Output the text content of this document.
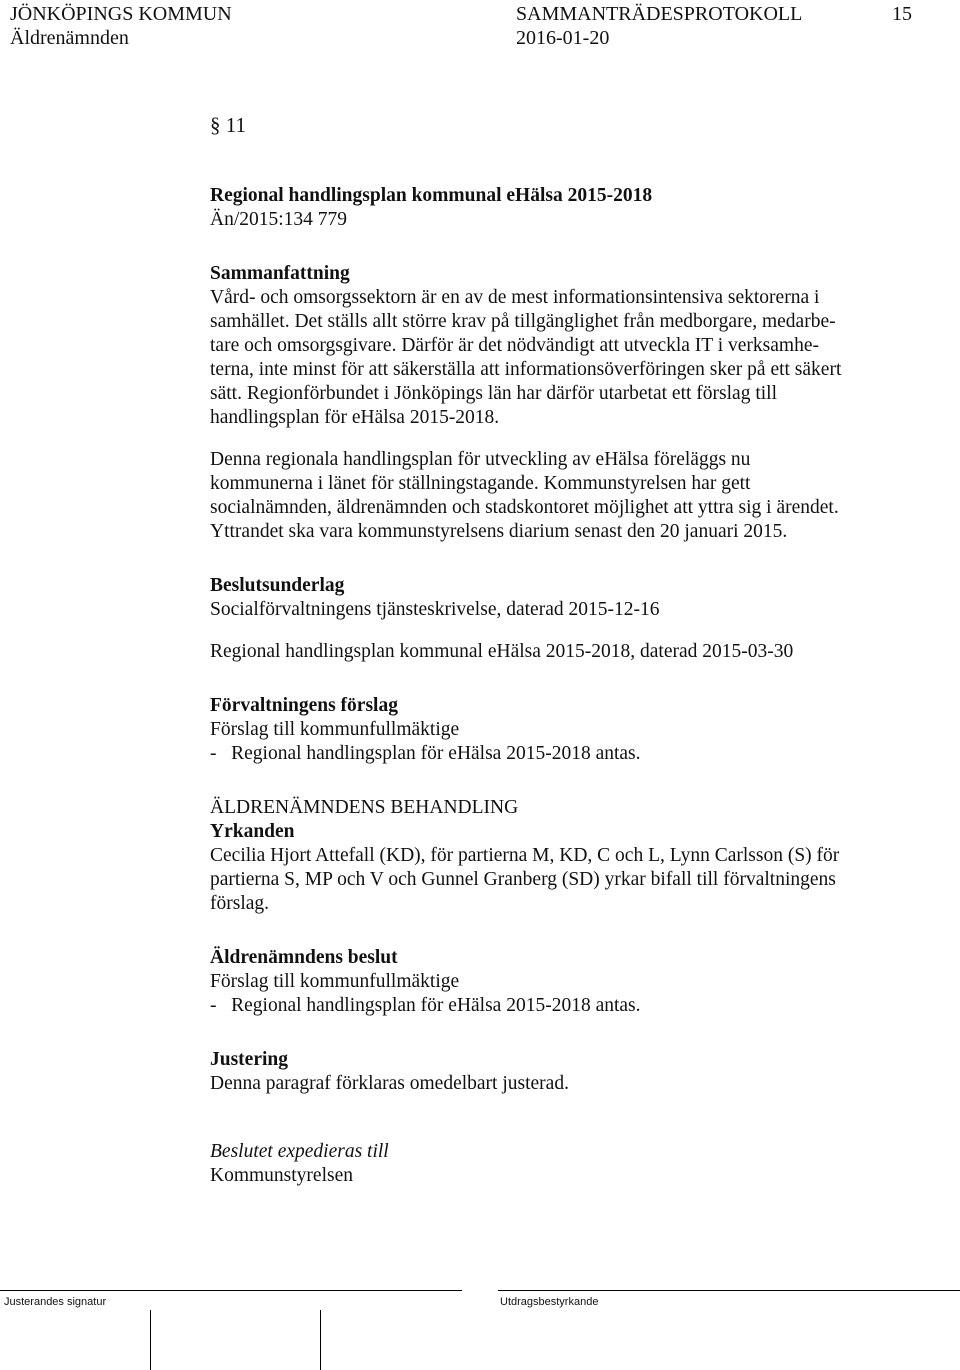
JÖNKÖPINGS KOMMUN
Äldrenämnden
SAMMANTRÄDESPROTOKOLL
2016-01-20
15
§ 11

Regional handlingsplan kommunal eHälsa 2015-2018

Än/2015:134 779

Sammanfattning

Vård- och omsorgssektorn är en av de mest informationsintensiva sektorerna i

samhället. Det ställs allt större krav på tillgänglighet från medborgare, medarbe-

tare och omsorgsgivare. Därför är det nödvändigt att utveckla IT i verksamhe-

terna, inte minst för att säkerställa att informationsöverföringen sker på ett säkert

sätt. Regionförbundet i Jönköpings län har därför utarbetat ett förslag till

handlingsplan för eHälsa 2015-2018.

Denna regionala handlingsplan för utveckling av eHälsa föreläggs nu

kommunerna i länet för ställningstagande. Kommunstyrelsen har gett

socialnämnden, äldrenämnden och stadskontoret möjlighet att yttra sig i ärendet.

Yttrandet ska vara kommunstyrelsens diarium senast den 20 januari 2015.

Beslutsunderlag

Socialförvaltningens tjänsteskrivelse, daterad 2015-12-16

Regional handlingsplan kommunal eHälsa 2015-2018, daterad 2015-03-30

Förvaltningens förslag

Förslag till kommunfullmäktige

-   Regional handlingsplan för eHälsa 2015-2018 antas.

ÄLDRENÄMNDENS BEHANDLING

Yrkanden

Cecilia Hjort Attefall (KD), för partierna M, KD, C och L, Lynn Carlsson (S) för

partierna S, MP och V och Gunnel Granberg (SD) yrkar bifall till förvaltningens

förslag.

Äldrenämndens beslut

Förslag till kommunfullmäktige

-   Regional handlingsplan för eHälsa 2015-2018 antas.

Justering

Denna paragraf förklaras omedelbart justerad.

Beslutet expedieras till

Kommunstyrelsen

Justerandes signatur	Utdragsbestyrkande
